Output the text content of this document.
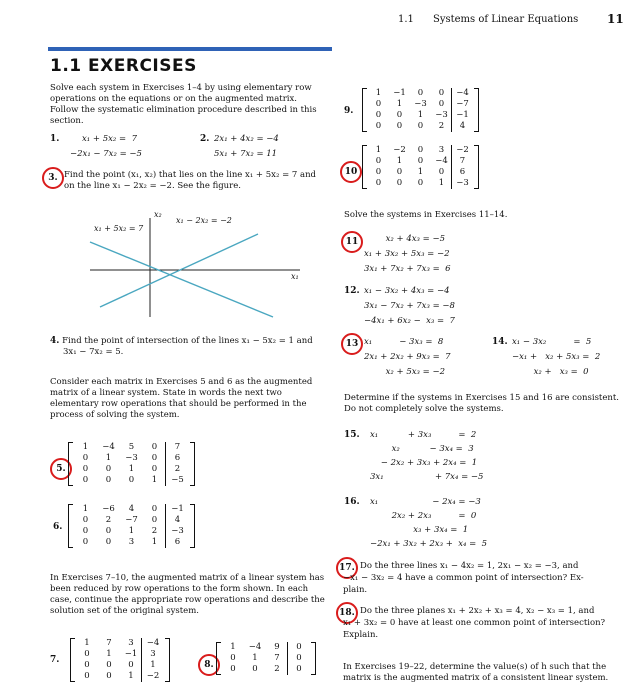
1.1 Systems of Linear Equations 11
1.1 EXERCISES
Solve each system in Exercises 1–4 by using elementary row operations on the equations or on the augmented matrix. Follow the systematic elimination procedure described in this section.
1.	x₁ + 5x₂ =  7
−2x₁ − 7x₂ = −5
2. 2x₁ + 4x₂ = −4
5x₁ + 7x₂ = 11
3. Find the point (x₁, x₂) that lies on the line x₁ + 5x₂ = 7 and
on the line x₁ − 2x₂ = −2. See the figure.
x₁ + 5x₂ = 7
x₁ − 2x₂ = −2
x₂
x₁
4. Find the point of intersection of the lines x₁ − 5x₂ = 1 and
3x₁ − 7x₂ = 5.
Consider each matrix in Exercises 5 and 6 as the augmented matrix of a linear system. State in words the next two elementary row operations that should be performed in the process of solving the system.
5.
1	−4	5	0	7
0	1	−3	0	6
0	0	1	0	2
0	0	0	1	−5
6.
1	−6	4	0	−1
0	2	−7	0	4
0	0	1	2	−3
0	0	3	1	6
In Exercises 7–10, the augmented matrix of a linear system has been reduced by row operations to the form shown. In each case, continue the appropriate row operations and describe the solution set of the original system.
7.
1	7	3	−4
0	1	−1	3
0	0	0	1
0	0	1	−2
8.
1	−4	9	0
0	1	7	0
0	0	2	0
9.
1	−1	0	0	−4
0	1	−3	0	−7
0	0	1	−3 −1
0	0	0	2	4
10
1	−2	0	3	−2
0	1	0	−4	7
0	0	1	0	6
0	0	0	1	−3
Solve the systems in Exercises 11–14.
11 x₂ + 4x₃ = −5
x₁ + 3x₂ + 5x₃ = −2
3x₁ + 7x₂ + 7x₃ =  6
12. x₁ − 3x₂ + 4x₃ = −4
3x₁ − 7x₂ + 7x₃ = −8
−4x₁ + 6x₂ −  x₃ =  7
13 x₁          − 3x₃ =  8
2x₁ + 2x₂ + 9x₃ =  7
x₂ + 5x₃ = −2
14. x₁ − 3x₂          =  5
−x₁ +   x₂ + 5x₃ =  2
x₂ +   x₃ =  0
Determine if the systems in Exercises 15 and 16 are consistent. Do not completely solve the systems.
15. x₁           + 3x₃          =  2
x₂           − 3x₄ =  3
− 2x₂ + 3x₃ + 2x₄ =  1
3x₁                   + 7x₄ = −5
16. x₁                    − 2x₄ = −3
2x₂ + 2x₃          =  0
x₃ + 3x₄ =  1
−2x₁ + 3x₂ + 2x₃ +  x₄ =  5
17. Do the three lines x₁ − 4x₂ = 1, 2x₁ − x₂ = −3, and
−x₁ − 3x₂ = 4 have a common point of intersection? Ex-
plain.
18. Do the three planes x₁ + 2x₂ + x₃ = 4, x₂ − x₃ = 1, and
x₁ + 3x₂ = 0 have at least one common point of intersection?
Explain.
In Exercises 19–22, determine the value(s) of h such that the matrix is the augmented matrix of a consistent linear system.
